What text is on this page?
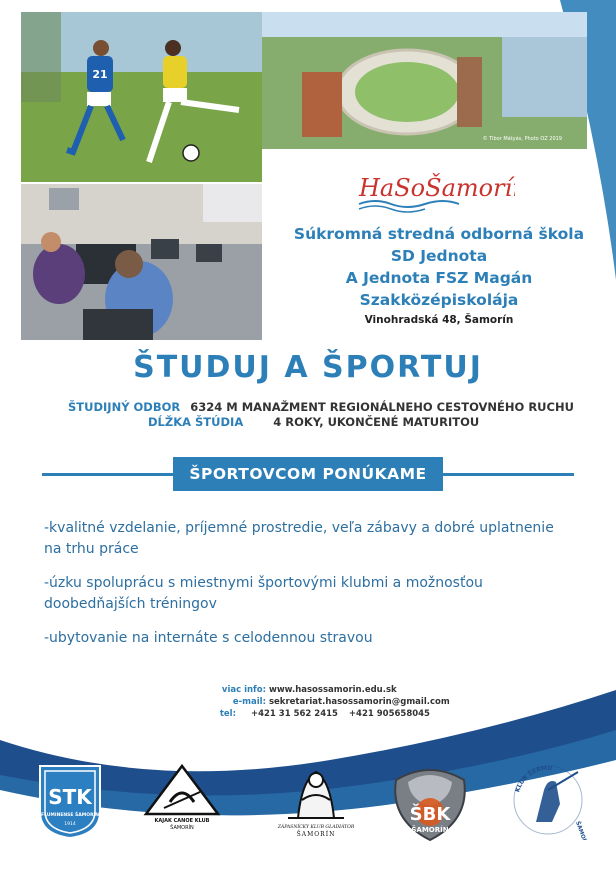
21
© Tibor Mátyás, Photo OZ 2019
HaSoŠamorín
Súkromná stredná odborná škola
SD Jednota
A Jednota FSZ Magán
Szakközépiskolája
Vinohradská 48, Šamorín
ŠTUDUJ A ŠPORTUJ
ŠTUDIJNÝ ODBOR 6324 M MANAŽMENT REGIONÁLNEHO CESTOVNÉHO RUCHU
DĹŽKA ŠTÚDIA	4 ROKY, UKONČENÉ MATURITOU
ŠPORTOVCOM PONÚKAME
-kvalitné vzdelanie, príjemné prostredie, veľa zábavy a dobré uplatnenie na trhu práce
-úzku spoluprácu s miestnymi športovými klubmi a možnosťou doobedňajších tréningov
-ubytovanie na internáte s celodennou stravou
viac info: www.hasossamorin.edu.sk
e-mail: sekretariat.hasossamorin@gmail.com
tel: +421 31 562 2415 +421 905658045
STK
FLUMINENSE ŠAMORÍN
1914
KAJAK CANOE KLUB
ŠAMORÍN	ZÁPASNÍCKY KLUB GLADIÁTOR
ŠAMORÍN
ŠBK
ŠAMORÍN
KLUB ŠERMU
ŠAMORÍN
